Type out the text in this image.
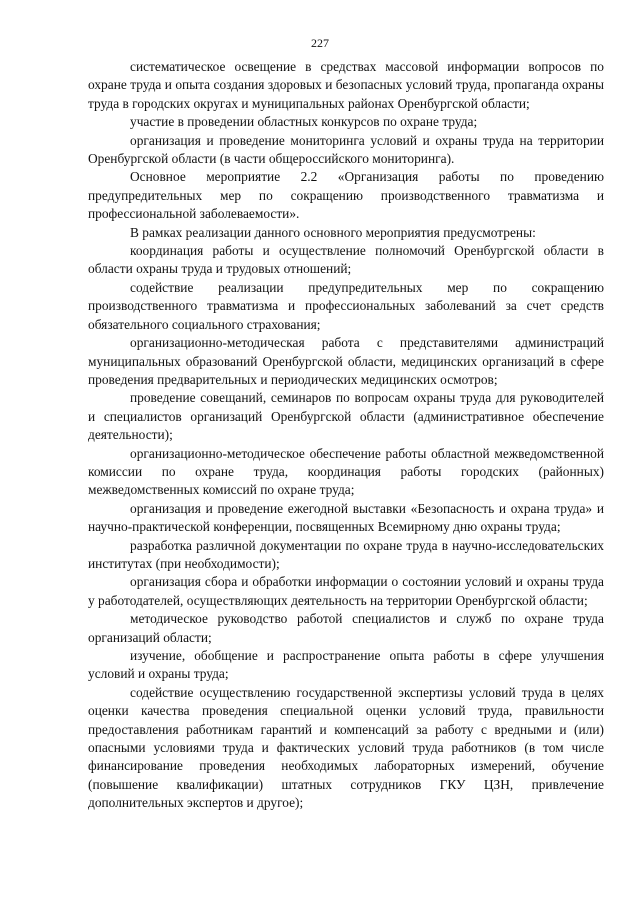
227

систематическое освещение в средствах массовой информации вопросов по охране труда и опыта создания здоровых и безопасных условий труда, пропаганда охраны труда в городских округах и муниципальных районах Оренбургской области;

участие в проведении областных конкурсов по охране труда;

организация и проведение мониторинга условий и охраны труда на территории Оренбургской области (в части общероссийского мониторинга).

Основное мероприятие 2.2 «Организация работы по проведению предупредительных мер по сокращению производственного травматизма и профессиональной заболеваемости».

В рамках реализации данного основного мероприятия предусмотрены:

координация работы и осуществление полномочий Оренбургской области в области охраны труда и трудовых отношений;

содействие реализации предупредительных мер по сокращению производственного травматизма и профессиональных заболеваний за счет средств обязательного социального страхования;

организационно-методическая работа с представителями администраций муниципальных образований Оренбургской области, медицинских организаций в сфере проведения предварительных и периодических медицинских осмотров;

проведение совещаний, семинаров по вопросам охраны труда для руководителей и специалистов организаций Оренбургской области (административное обеспечение деятельности);

организационно-методическое обеспечение работы областной межведомственной комиссии по охране труда, координация работы городских (районных) межведомственных комиссий по охране труда;

организация и проведение ежегодной выставки «Безопасность и охрана труда» и научно-практической конференции, посвященных Всемирному дню охраны труда;

разработка различной документации по охране труда в научно-исследовательских институтах (при необходимости);

организация сбора и обработки информации о состоянии условий и охраны труда у работодателей, осуществляющих деятельность на территории Оренбургской области;

методическое руководство работой специалистов и служб по охране труда организаций области;

изучение, обобщение и распространение опыта работы в сфере улучшения условий и охраны труда;

содействие осуществлению государственной экспертизы условий труда в целях оценки качества проведения специальной оценки условий труда, правильности предоставления работникам гарантий и компенсаций за работу с вредными и (или) опасными условиями труда и фактических условий труда работников (в том числе финансирование проведения необходимых лабораторных измерений, обучение (повышение квалификации) штатных сотрудников ГКУ ЦЗН, привлечение дополнительных экспертов и другое);
